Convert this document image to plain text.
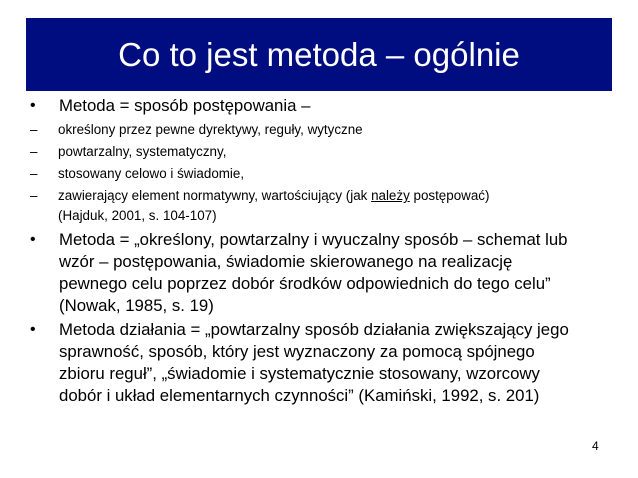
Co to jest metoda – ogólnie
• Metoda = sposób postępowania –
– określony przez pewne dyrektywy, reguły, wytyczne
– powtarzalny, systematyczny,
– stosowany celowo i świadomie,
– zawierający element normatywny, wartościujący (jak należy postępować)
(Hajduk, 2001, s. 104-107)
• Metoda = „określony, powtarzalny i wyuczalny sposób – schemat lub
wzór – postępowania, świadomie skierowanego na realizację
pewnego celu poprzez dobór środków odpowiednich do tego celu”
(Nowak, 1985, s. 19)
• Metoda działania = „powtarzalny sposób działania zwiększający jego
sprawność, sposób, który jest wyznaczony za pomocą spójnego
zbioru reguł”, „świadomie i systematycznie stosowany, wzorcowy
dobór i układ elementarnych czynności” (Kamiński, 1992, s. 201)
4
